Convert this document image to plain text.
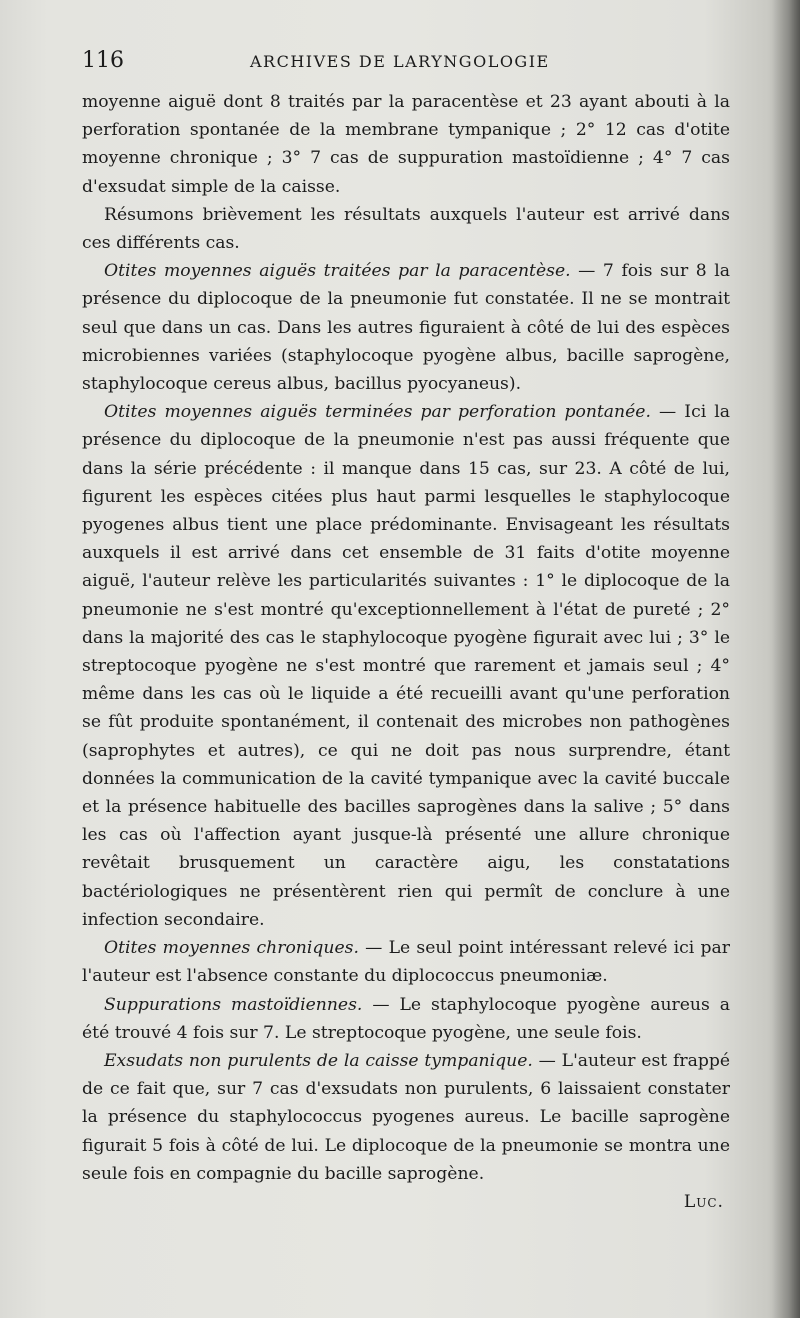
116	ARCHIVES DE LARYNGOLOGIE

moyenne aiguë dont 8 traités par la paracentèse et 23 ayant abouti à la perforation spontanée de la membrane tympanique ; 2° 12 cas d'otite moyenne chronique ; 3° 7 cas de suppuration mastoïdienne ; 4° 7 cas d'exsudat simple de la caisse.

Résumons brièvement les résultats auxquels l'auteur est arrivé dans ces différents cas.

Otites moyennes aiguës traitées par la paracentèse. — 7 fois sur 8 la présence du diplocoque de la pneumonie fut constatée. Il ne se montrait seul que dans un cas. Dans les autres figuraient à côté de lui des espèces microbiennes variées (staphylocoque pyogène albus, bacille saprogène, staphylocoque cereus albus, bacillus pyocyaneus).

Otites moyennes aiguës terminées par perforation pontanée. — Ici la présence du diplocoque de la pneumonie n'est pas aussi fréquente que dans la série précédente : il manque dans 15 cas, sur 23. A côté de lui, figurent les espèces citées plus haut parmi lesquelles le staphylocoque pyogenes albus tient une place prédominante. Envisageant les résultats auxquels il est arrivé dans cet ensemble de 31 faits d'otite moyenne aiguë, l'auteur relève les particularités suivantes : 1° le diplocoque de la pneumonie ne s'est montré qu'exceptionnellement à l'état de pureté ; 2° dans la majorité des cas le staphylocoque pyogène figurait avec lui ; 3° le streptocoque pyogène ne s'est montré que rarement et jamais seul ; 4° même dans les cas où le liquide a été recueilli avant qu'une perforation se fût produite spontanément, il contenait des microbes non pathogènes (saprophytes et autres), ce qui ne doit pas nous surprendre, étant données la communication de la cavité tympanique avec la cavité buccale et la présence habituelle des bacilles saprogènes dans la salive ; 5° dans les cas où l'affection ayant jusque-là présenté une allure chronique revêtait brusquement un caractère aigu, les constatations bactériologiques ne présentèrent rien qui permît de conclure à une infection secondaire.

Otites moyennes chroniques. — Le seul point intéressant relevé ici par l'auteur est l'absence constante du diplococcus pneumoniæ.

Suppurations mastoïdiennes. — Le staphylocoque pyogène aureus a été trouvé 4 fois sur 7. Le streptocoque pyogène, une seule fois.

Exsudats non purulents de la caisse tympanique. — L'auteur est frappé de ce fait que, sur 7 cas d'exsudats non purulents, 6 laissaient constater la présence du staphylococcus pyogenes aureus. Le bacille saprogène figurait 5 fois à côté de lui. Le diplocoque de la pneumonie se montra une seule fois en compagnie du bacille saprogène.

Luc.
